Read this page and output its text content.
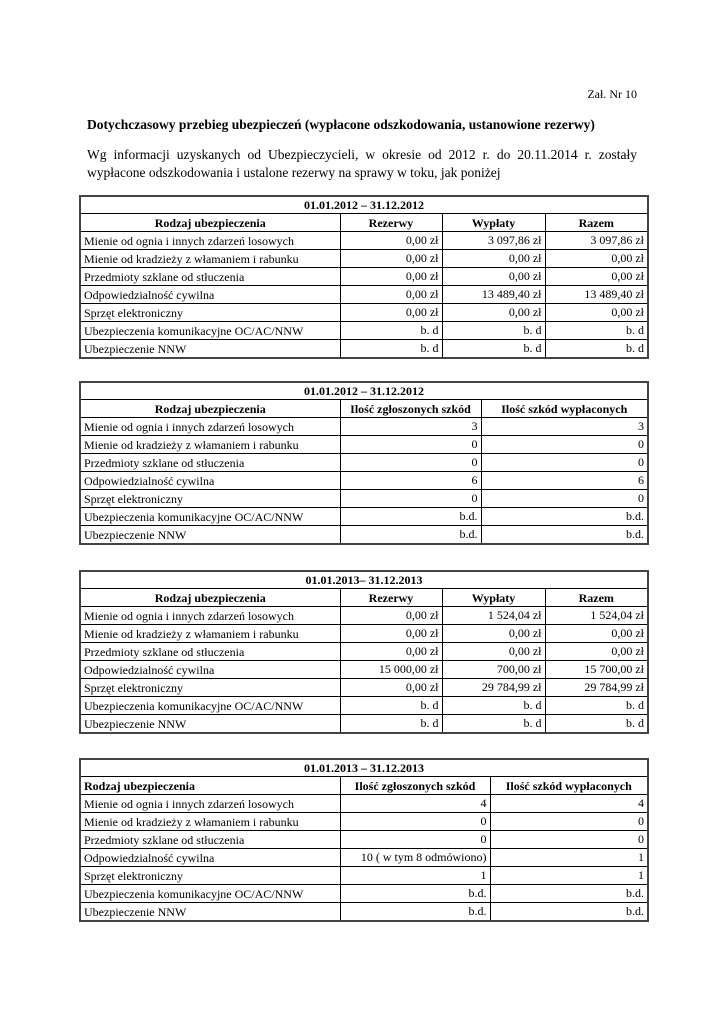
Zał. Nr 10
Dotychczasowy przebieg ubezpieczeń (wypłacone odszkodowania, ustanowione rezerwy)
Wg informacji uzyskanych od Ubezpieczycieli, w okresie od 2012 r. do 20.11.2014 r. zostały wypłacone odszkodowania i ustalone rezerwy na sprawy w toku, jak poniżej
01.01.2012 – 31.12.2012			
Rodzaj ubezpieczenia	Rezerwy	Wypłaty	Razem
Mienie od ognia i innych zdarzeń losowych	0,00 zł	3 097,86 zł	3 097,86 zł
Mienie od kradzieży z włamaniem i rabunku	0,00 zł	0,00 zł	0,00 zł
Przedmioty szklane od stłuczenia	0,00 zł	0,00 zł	0,00 zł
Odpowiedzialność cywilna	0,00 zł	13 489,40 zł	13 489,40 zł
Sprzęt elektroniczny	0,00 zł	0,00 zł	0,00 zł
Ubezpieczenia komunikacyjne OC/AC/NNW	b. d	b. d	b. d
Ubezpieczenie NNW	b. d	b. d	b. d
01.01.2012 – 31.12.2012		
Rodzaj ubezpieczenia	Ilość zgłoszonych szkód	Ilość szkód wypłaconych
Mienie od ognia i innych zdarzeń losowych	3	3
Mienie od kradzieży z włamaniem i rabunku	0	0
Przedmioty szklane od stłuczenia	0	0
Odpowiedzialność cywilna	6	6
Sprzęt elektroniczny	0	0
Ubezpieczenia komunikacyjne OC/AC/NNW	b.d.	b.d.
Ubezpieczenie NNW	b.d.	b.d.
01.01.2013– 31.12.2013			
Rodzaj ubezpieczenia	Rezerwy	Wypłaty	Razem
Mienie od ognia i innych zdarzeń losowych	0,00 zł	1 524,04 zł	1 524,04 zł
Mienie od kradzieży z włamaniem i rabunku	0,00 zł	0,00 zł	0,00 zł
Przedmioty szklane od stłuczenia	0,00 zł	0,00 zł	0,00 zł
Odpowiedzialność cywilna	15 000,00 zł	700,00 zł	15 700,00 zł
Sprzęt elektroniczny	0,00 zł	29 784,99 zł	29 784,99 zł
Ubezpieczenia komunikacyjne OC/AC/NNW	b. d	b. d	b. d
Ubezpieczenie NNW	b. d	b. d	b. d
01.01.2013 – 31.12.2013		
Rodzaj ubezpieczenia	Ilość zgłoszonych szkód	Ilość szkód wypłaconych
Mienie od ognia i innych zdarzeń losowych	4	4
Mienie od kradzieży z włamaniem i rabunku	0	0
Przedmioty szklane od stłuczenia	0	0
Odpowiedzialność cywilna	10 ( w tym 8 odmówiono)	1
Sprzęt elektroniczny	1	1
Ubezpieczenia komunikacyjne OC/AC/NNW	b.d.	b.d.
Ubezpieczenie NNW	b.d.	b.d.
